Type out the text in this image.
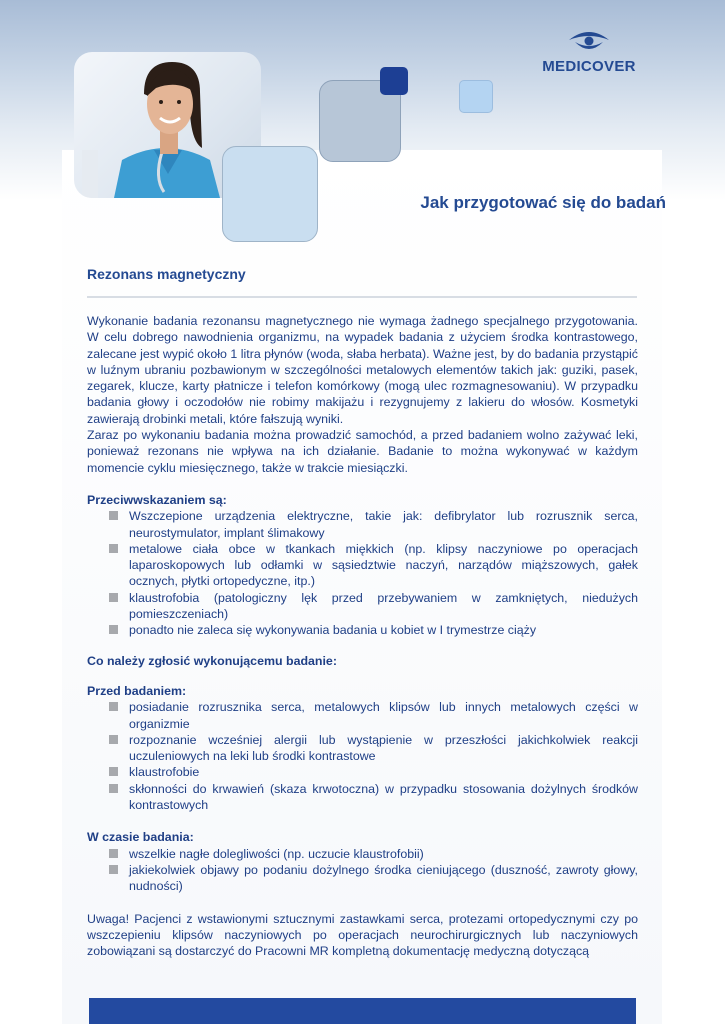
MEDICOVER
Jak przygotować się do badań
Rezonans magnetyczny

Wykonanie badania rezonansu magnetycznego nie wymaga żadnego specjalnego przygotowania. W celu dobrego nawodnienia organizmu, na wypadek badania z użyciem środka kontrastowego, zalecane jest wypić około 1 litra płynów (woda, słaba herbata). Ważne jest, by do badania przystąpić w luźnym ubraniu pozbawionym w szczególności metalowych elementów takich jak: guziki, pasek, zegarek, klucze, karty płatnicze i telefon komórkowy (mogą ulec rozmagnesowaniu). W przypadku badania głowy i oczodołów nie robimy makijażu i rezygnujemy z lakieru do włosów. Kosmetyki zawierają drobinki metali, które fałszują wyniki.

Zaraz po wykonaniu badania można prowadzić samochód, a przed badaniem wolno zażywać leki, ponieważ rezonans nie wpływa na ich działanie. Badanie to można wykonywać w każdym momencie cyklu miesięcznego, także w trakcie miesiączki.

Przeciwwskazaniem są:
Wszczepione urządzenia elektryczne, takie jak: defibrylator lub rozrusznik serca, neurostymulator, implant ślimakowy
metalowe ciała obce w tkankach miękkich (np. klipsy naczyniowe po operacjach laparoskopowych lub odłamki w sąsiedztwie naczyń, narządów miąższowych, gałek ocznych, płytki ortopedyczne, itp.)
klaustrofobia (patologiczny lęk przed przebywaniem w zamkniętych, niedużych pomieszczeniach)
ponadto nie zaleca się wykonywania badania u kobiet w I trymestrze ciąży
Co należy zgłosić wykonującemu badanie:
Przed badaniem:
posiadanie rozrusznika serca, metalowych klipsów lub innych metalowych części w organizmie
rozpoznanie wcześniej alergii lub wystąpienie w przeszłości jakichkolwiek reakcji uczuleniowych na leki lub środki kontrastowe
klaustrofobie
skłonności do krwawień (skaza krwotoczna) w przypadku stosowania dożylnych środków kontrastowych
W czasie badania:
wszelkie nagłe dolegliwości (np. uczucie klaustrofobii)
jakiekolwiek objawy po podaniu dożylnego środka cieniującego (duszność, zawroty głowy, nudności)

Uwaga! Pacjenci z wstawionymi sztucznymi zastawkami serca, protezami ortopedycznymi czy po wszczepieniu klipsów naczyniowych po operacjach neurochirurgicznych lub naczyniowych zobowiązani są dostarczyć do Pracowni MR kompletną dokumentację medyczną dotyczącą
